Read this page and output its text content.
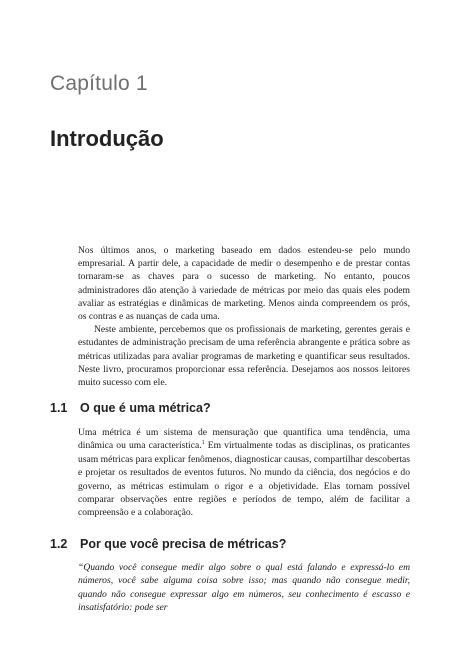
Capítulo 1
Introdução

Nos últimos anos, o marketing baseado em dados estendeu-se pelo mundo empresarial. A partir dele, a capacidade de medir o desempenho e de prestar contas tornaram-se as chaves para o sucesso de marketing. No entanto, poucos administradores dão atenção à variedade de métricas por meio das quais eles podem avaliar as estratégias e dinâmicas de marketing. Menos ainda compreendem os prós, os contras e as nuanças de cada uma.

Neste ambiente, percebemos que os profissionais de marketing, gerentes gerais e estudantes de administração precisam de uma referência abrangente e prática sobre as métricas utilizadas para avaliar programas de marketing e quantificar seus resultados. Neste livro, procuramos proporcionar essa referência. Desejamos aos nossos leitores muito sucesso com ele.

1.1 O que é uma métrica?

Uma métrica é um sistema de mensuração que quantifica uma tendência, uma dinâmica ou uma característica.$^1$ Em virtualmente todas as disciplinas, os praticantes usam métricas para explicar fenômenos, diagnosticar causas, compartilhar descobertas e projetar os resultados de eventos futuros. No mundo da ciência, dos negócios e do governo, as métricas estimulam o rigor e a objetividade. Elas tornam possível comparar observações entre regiões e períodos de tempo, além de facilitar a compreensão e a colaboração.

1.2 Por que você precisa de métricas?

“Quando você consegue medir algo sobre o qual está falando e expressá-lo em números, você sabe alguma coisa sobre isso; mas quando não consegue medir, quando não consegue expressar algo em números, seu conhecimento é escasso e insatisfatório: pode ser
